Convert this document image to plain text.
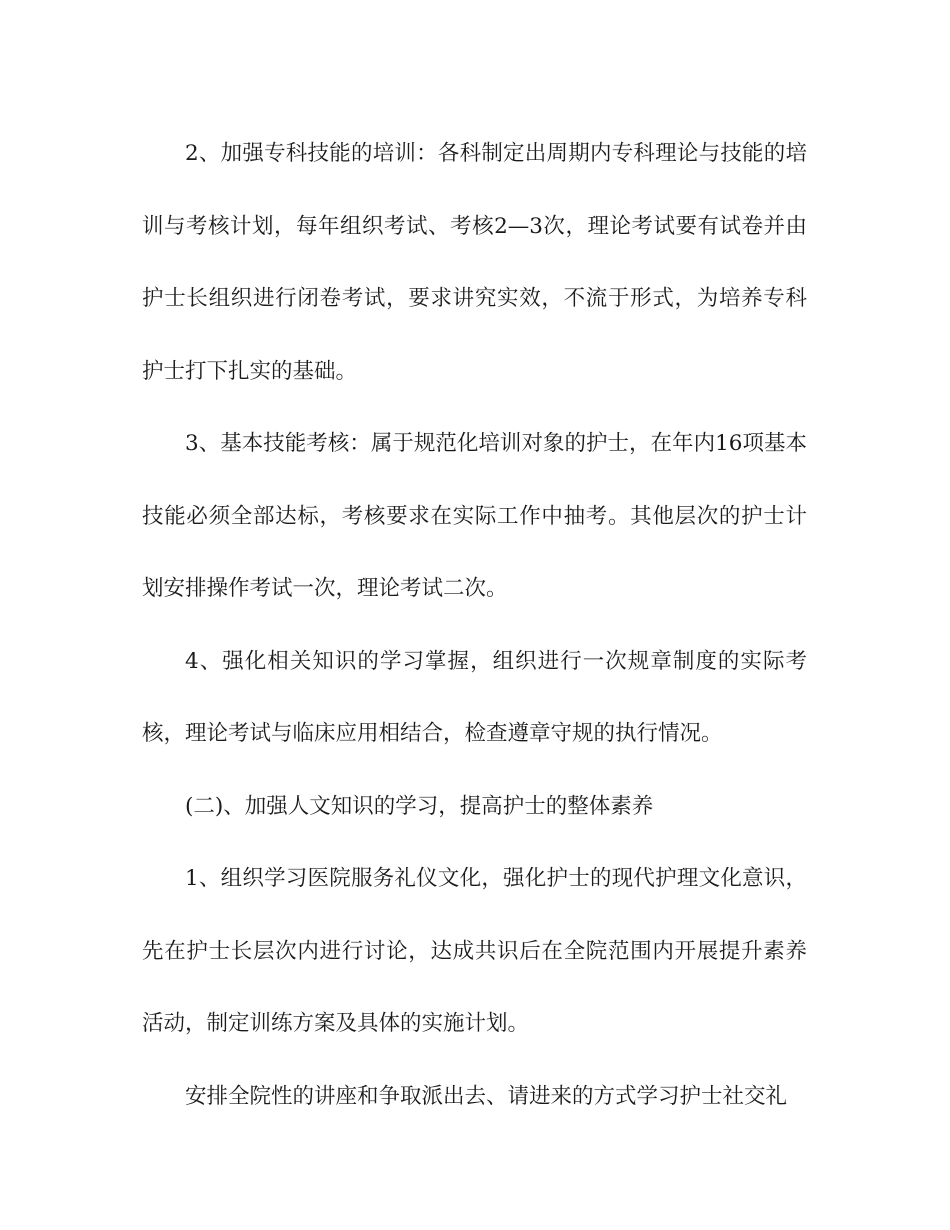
2、加强专科技能的培训：各科制定出周期内专科理论与技能的培训与考核计划，每年组织考试、考核2—3次，理论考试要有试卷并由护士长组织进行闭卷考试，要求讲究实效，不流于形式，为培养专科护士打下扎实的基础。

3、基本技能考核：属于规范化培训对象的护士，在年内16项基本技能必须全部达标，考核要求在实际工作中抽考。其他层次的护士计划安排操作考试一次，理论考试二次。

4、强化相关知识的学习掌握，组织进行一次规章制度的实际考核，理论考试与临床应用相结合，检查遵章守规的执行情况。

(二)、加强人文知识的学习，提高护士的整体素养

1、组织学习医院服务礼仪文化，强化护士的现代护理文化意识，先在护士长层次内进行讨论，达成共识后在全院范围内开展提升素养活动，制定训练方案及具体的实施计划。

安排全院性的讲座和争取派出去、请进来的方式学习护士社交礼
